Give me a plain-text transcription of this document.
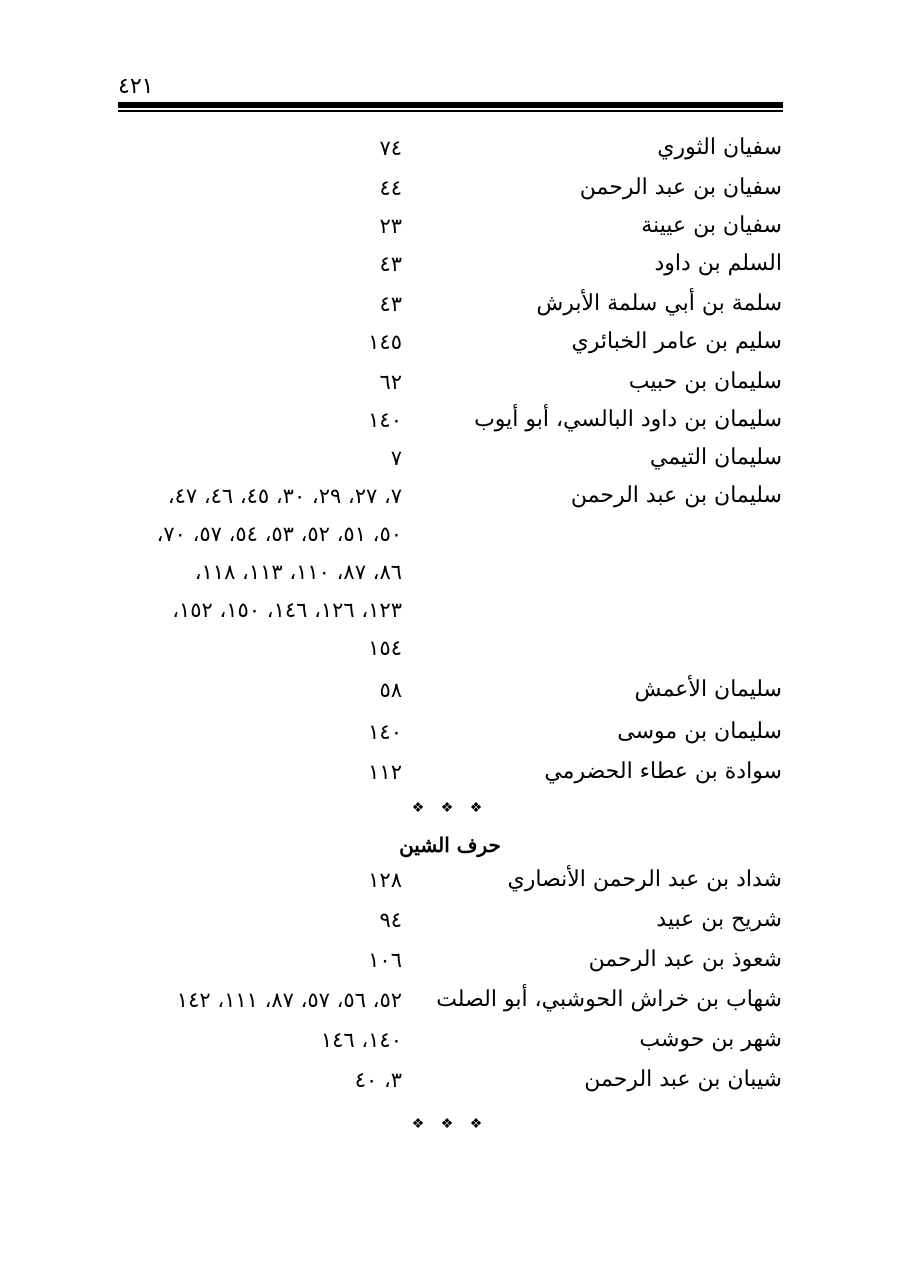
٤٢١
سفيان الثوري
٧٤
سفيان بن عبد الرحمن
٤٤
سفيان بن عيينة
٢٣
السلم بن داود
٤٣
سلمة بن أبي سلمة الأبرش
٤٣
سليم بن عامر الخبائري
١٤٥
سليمان بن حبيب
٦٢
سليمان بن داود البالسي، أبو أيوب
١٤٠
سليمان التيمي
٧
سليمان بن عبد الرحمن
٧، ٢٧، ٢٩، ٣٠، ٤٥، ٤٦، ٤٧،
٥٠، ٥١، ٥٢، ٥٣، ٥٤، ٥٧، ٧٠،
٨٦، ٨٧، ١١٠، ١١٣، ١١٨،
١٢٣، ١٢٦، ١٤٦، ١٥٠، ١٥٢،
١٥٤
سليمان الأعمش
٥٨
سليمان بن موسى
١٤٠
سوادة بن عطاء الحضرمي
١١٢
❖ ❖ ❖
حرف الشين
شداد بن عبد الرحمن الأنصاري
١٢٨
شريح بن عبيد
٩٤
شعوذ بن عبد الرحمن
١٠٦
شهاب بن خراش الحوشبي، أبو الصلت
٥٢، ٥٦، ٥٧، ٨٧، ١١١، ١٤٢
شهر بن حوشب
١٤٠، ١٤٦
شيبان بن عبد الرحمن
٣، ٤٠
❖ ❖ ❖
